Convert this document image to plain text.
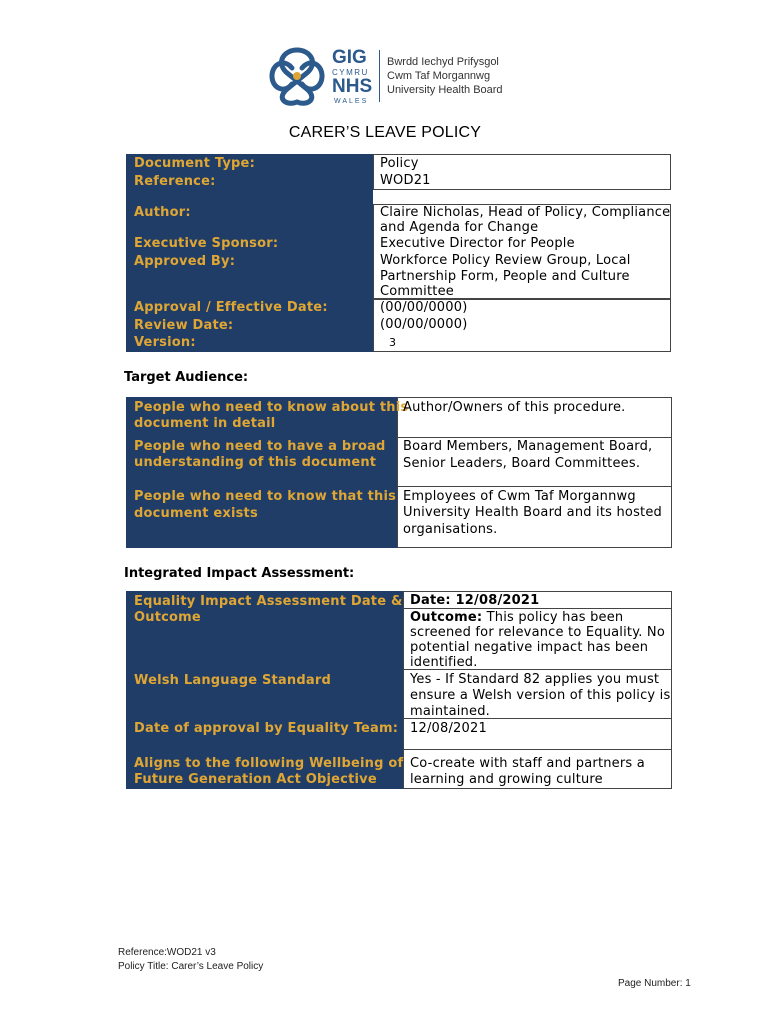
GIG
CYMRU
NHS
WALES
Bwrdd Iechyd Prifysgol
Cwm Taf Morgannwg
University Health Board
CARER’S LEAVE POLICY
Document Type:
Reference:
Author:
Executive Sponsor:
Approved By:
Approval / Effective Date:
Review Date:
Version:
Policy
WOD21
Claire Nicholas, Head of Policy, Compliance
and Agenda for Change
Executive Director for People
Workforce Policy Review Group, Local
Partnership Form, People and Culture
Committee
(00/00/0000)
(00/00/0000)
3
Target Audience:
People who need to know about this
document in detail
People who need to have a broad
understanding of this document
People who need to know that this
document exists
Author/Owners of this procedure.
Board Members, Management Board,
Senior Leaders, Board Committees.
Employees of Cwm Taf Morgannwg
University Health Board and its hosted
organisations.
Integrated Impact Assessment:
Equality Impact Assessment Date &
Outcome
Welsh Language Standard
Date of approval by Equality Team:
Aligns to the following Wellbeing of
Future Generation Act Objective
Date: 12/08/2021
Outcome: This policy has been
screened for relevance to Equality. No
potential negative impact has been
identified.
Yes - If Standard 82 applies you must
ensure a Welsh version of this policy is
maintained.
12/08/2021
Co-create with staff and partners a
learning and growing culture
Reference:WOD21 v3
Policy Title: Carer’s Leave Policy
Page Number: 1
